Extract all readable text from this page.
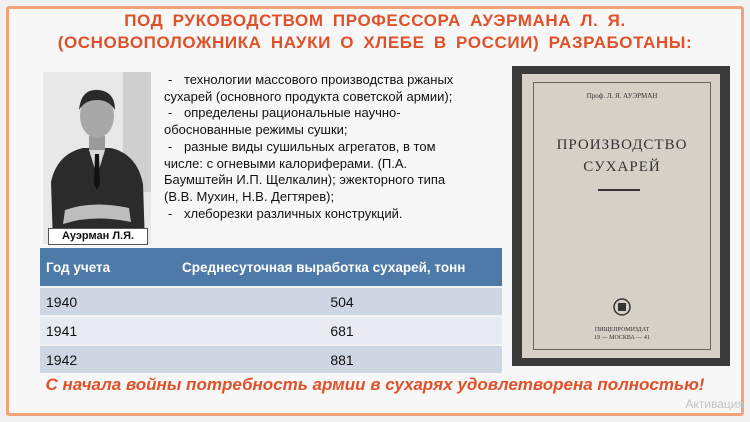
ПОД РУКОВОДСТВОМ ПРОФЕССОРА АУЭРМАНА Л. Я.
(ОСНОВОПОЛОЖНИКА НАУКИ О ХЛЕБЕ В РОССИИ) РАЗРАБОТАНЫ:
Ауэрман Л.Я.
- технологии массового производства ржаных
сухарей (основного продукта советской армии);
- определены рациональные научно-
обоснованные режимы сушки;
- разные виды сушильных агрегатов, в том
числе: с огневыми калориферами. (П.А.
Баумштейн И.П. Щелкалин); эжекторного типа
(В.В. Мухин, Н.В. Дегтярев);
- хлеборезки различных конструкций.
Год учета	Среднесуточная выработка сухарей, тонн
1940	504
1941	681
1942	881
Проф. Л. Я. АУЭРМАН
ПРОИЗВОДСТВО
СУХАРЕЙ
ПИЩЕПРОМИЗДАТ
19 — МОСКВА — 41
С начала войны потребность армии в сухарях удовлетворена полностью!
Активация
